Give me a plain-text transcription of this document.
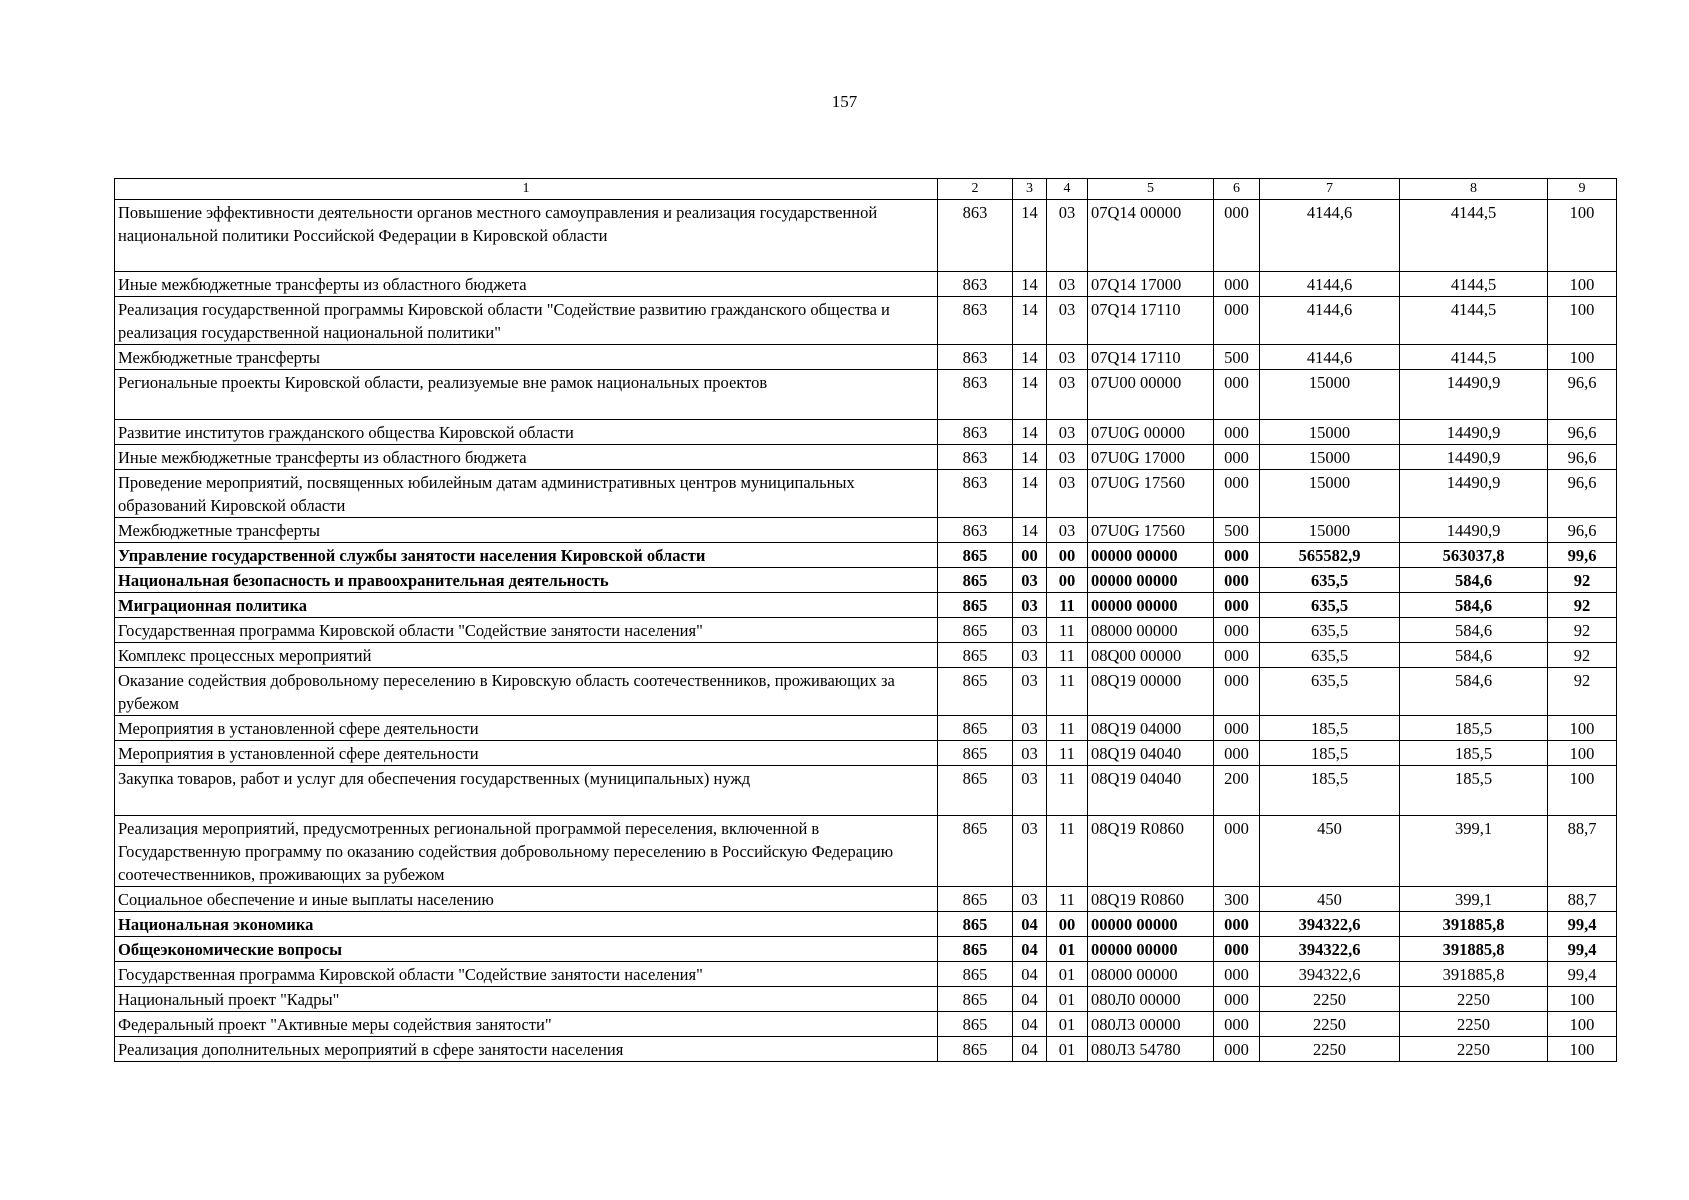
157
1	2	3	4	5	6	7	8	9
Повышение эффективности деятельности органов местного самоуправления и реализация государственной национальной политики Российской Федерации в Кировской области	863	14	03	07Q14 00000	000	4144,6	4144,5	100
Иные межбюджетные трансферты из областного бюджета	863	14	03	07Q14 17000	000	4144,6	4144,5	100
Реализация государственной программы Кировской области "Содействие развитию гражданского общества и реализация государственной национальной политики"	863	14	03	07Q14 17110	000	4144,6	4144,5	100
Межбюджетные трансферты	863	14	03	07Q14 17110	500	4144,6	4144,5	100
Региональные проекты Кировской области, реализуемые вне рамок национальных проектов	863	14	03	07U00 00000	000	15000	14490,9	96,6
Развитие институтов гражданского общества Кировской области	863	14	03	07U0G 00000	000	15000	14490,9	96,6
Иные межбюджетные трансферты из областного бюджета	863	14	03	07U0G 17000	000	15000	14490,9	96,6
Проведение мероприятий, посвященных юбилейным датам административных центров муниципальных образований Кировской области	863	14	03	07U0G 17560	000	15000	14490,9	96,6
Межбюджетные трансферты	863	14	03	07U0G 17560	500	15000	14490,9	96,6
Управление государственной службы занятости населения Кировской области	865	00	00	00000 00000	000	565582,9	563037,8	99,6
Национальная безопасность и правоохранительная деятельность	865	03	00	00000 00000	000	635,5	584,6	92
Миграционная политика	865	03	11	00000 00000	000	635,5	584,6	92
Государственная программа Кировской области "Содействие занятости населения"	865	03	11	08000 00000	000	635,5	584,6	92
Комплекс процессных мероприятий	865	03	11	08Q00 00000	000	635,5	584,6	92
Оказание содействия добровольному переселению в Кировскую область соотечественников, проживающих за рубежом	865	03	11	08Q19 00000	000	635,5	584,6	92
Мероприятия в установленной сфере деятельности	865	03	11	08Q19 04000	000	185,5	185,5	100
Мероприятия в установленной сфере деятельности	865	03	11	08Q19 04040	000	185,5	185,5	100
Закупка товаров, работ и услуг для обеспечения государственных (муниципальных) нужд	865	03	11	08Q19 04040	200	185,5	185,5	100
Реализация мероприятий, предусмотренных региональной программой переселения, включенной в Государственную программу по оказанию содействия добровольному переселению в Российскую Федерацию соотечественников, проживающих за рубежом	865	03	11	08Q19 R0860	000	450	399,1	88,7
Социальное обеспечение и иные выплаты населению	865	03	11	08Q19 R0860	300	450	399,1	88,7
Национальная экономика	865	04	00	00000 00000	000	394322,6	391885,8	99,4
Общеэкономические вопросы	865	04	01	00000 00000	000	394322,6	391885,8	99,4
Государственная программа Кировской области "Содействие занятости населения"	865	04	01	08000 00000	000	394322,6	391885,8	99,4
Национальный проект "Кадры"	865	04	01	080Л0 00000	000	2250	2250	100
Федеральный проект "Активные меры содействия занятости"	865	04	01	080Л3 00000	000	2250	2250	100
Реализация дополнительных мероприятий в сфере занятости населения	865	04	01	080Л3 54780	000	2250	2250	100
